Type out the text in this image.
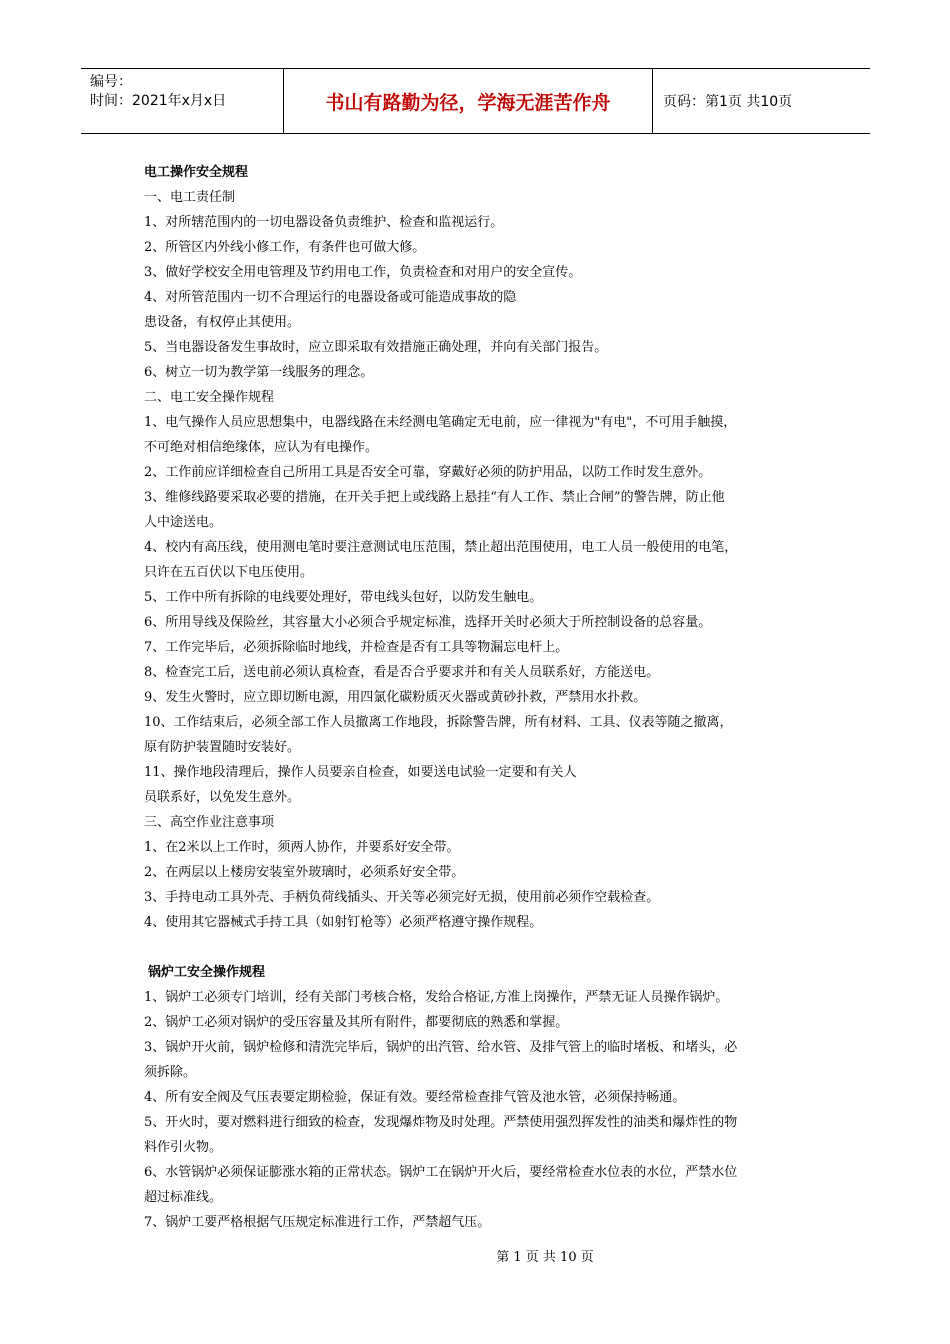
编号：
时间：2021年x月x日	书山有路勤为径，学海无涯苦作舟	页码：第1页 共10页
电工操作安全规程
一、电工责任制
1、对所辖范围内的一切电器设备负责维护、检查和监视运行。
2、所管区内外线小修工作，有条件也可做大修。
3、做好学校安全用电管理及节约用电工作，负责检查和对用户的安全宣传。
4、对所管范围内一切不合理运行的电器设备或可能造成事故的隐
患设备，有权停止其使用。
5、当电器设备发生事故时，应立即采取有效措施正确处理，并向有关部门报告。
6、树立一切为教学第一线服务的理念。
二、电工安全操作规程
1、电气操作人员应思想集中，电器线路在未经测电笔确定无电前，应一律视为"有电"，不可用手触摸，
不可绝对相信绝缘体，应认为有电操作。
2、工作前应详细检查自己所用工具是否安全可靠，穿戴好必须的防护用品，以防工作时发生意外。
3、维修线路要采取必要的措施，在开关手把上或线路上悬挂“有人工作、禁止合闸”的警告牌，防止他
人中途送电。
4、校内有高压线，使用测电笔时要注意测试电压范围，禁止超出范围使用，电工人员一般使用的电笔，
只许在五百伏以下电压使用。
5、工作中所有拆除的电线要处理好，带电线头包好，以防发生触电。
6、所用导线及保险丝，其容量大小必须合乎规定标准，选择开关时必须大于所控制设备的总容量。
7、工作完毕后，必须拆除临时地线，并检查是否有工具等物漏忘电杆上。
8、检查完工后，送电前必须认真检查，看是否合乎要求并和有关人员联系好，方能送电。
9、发生火警时，应立即切断电源，用四氯化碳粉质灭火器或黄砂扑救，严禁用水扑救。
10、工作结束后，必须全部工作人员撤离工作地段，拆除警告牌，所有材料、工具、仪表等随之撤离，
原有防护装置随时安装好。
11、操作地段清理后，操作人员要亲自检查，如要送电试验一定要和有关人
员联系好，以免发生意外。
三、高空作业注意事项
1、在2米以上工作时，须两人协作，并要系好安全带。
2、在两层以上楼房安装室外玻璃时，必须系好安全带。
3、手持电动工具外壳、手柄负荷线插头、开关等必须完好无损，使用前必须作空载检查。
4、使用其它器械式手持工具（如射钉枪等）必须严格遵守操作规程。
锅炉工安全操作规程
1、锅炉工必须专门培训，经有关部门考核合格，发给合格证,方准上岗操作，严禁无证人员操作锅炉。
2、锅炉工必须对锅炉的受压容量及其所有附件，都要彻底的熟悉和掌握。
3、锅炉开火前，锅炉检修和清洗完毕后，锅炉的出汽管、给水管、及排气管上的临时堵板、和堵头，必
须拆除。
4、所有安全阀及气压表要定期检验，保证有效。要经常检查排气管及池水管，必须保持畅通。
5、开火时，要对燃料进行细致的检查，发现爆炸物及时处理。严禁使用强烈挥发性的油类和爆炸性的物
料作引火物。
6、水管锅炉必须保证膨涨水箱的正常状态。锅炉工在锅炉开火后，要经常检查水位表的水位，严禁水位
超过标准线。
7、锅炉工要严格根据气压规定标准进行工作，严禁超气压。
第 1 页 共 10 页
